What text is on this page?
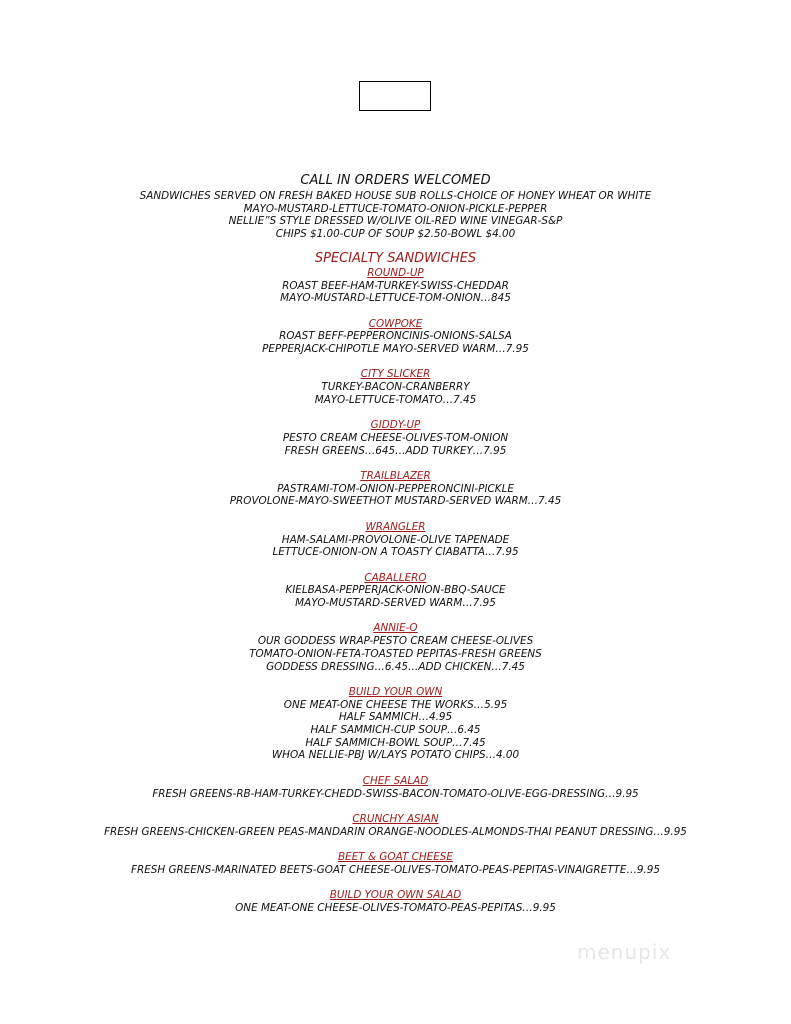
CALL IN ORDERS WELCOMED
SANDWICHES SERVED ON FRESH BAKED HOUSE SUB ROLLS-CHOICE OF HONEY WHEAT OR WHITE
MAYO-MUSTARD-LETTUCE-TOMATO-ONION-PICKLE-PEPPER
NELLIE”S STYLE DRESSED W/OLIVE OIL-RED WINE VINEGAR-S&P
CHIPS $1.00-CUP OF SOUP $2.50-BOWL $4.00
SPECIALTY SANDWICHES
ROUND-UP
ROAST BEEF-HAM-TURKEY-SWISS-CHEDDAR
MAYO-MUSTARD-LETTUCE-TOM-ONION…845
COWPOKE
ROAST BEFF-PEPPERONCINIS-ONIONS-SALSA
PEPPERJACK-CHIPOTLE MAYO-SERVED WARM…7.95
CITY SLICKER
TURKEY-BACON-CRANBERRY
MAYO-LETTUCE-TOMATO…7.45
GIDDY-UP
PESTO CREAM CHEESE-OLIVES-TOM-ONION
FRESH GREENS…645…ADD TURKEY…7.95
TRAILBLAZER
PASTRAMI-TOM-ONION-PEPPERONCINI-PICKLE
PROVOLONE-MAYO-SWEETHOT MUSTARD-SERVED WARM…7.45
WRANGLER
HAM-SALAMI-PROVOLONE-OLIVE TAPENADE
LETTUCE-ONION-ON A TOASTY CIABATTA…7.95
CABALLERO
KIELBASA-PEPPERJACK-ONION-BBQ-SAUCE
MAYO-MUSTARD-SERVED WARM…7.95
ANNIE-O
OUR GODDESS WRAP-PESTO CREAM CHEESE-OLIVES
TOMATO-ONION-FETA-TOASTED PEPITAS-FRESH GREENS
GODDESS DRESSING…6.45…ADD CHICKEN…7.45
BUILD YOUR OWN
ONE MEAT-ONE CHEESE THE WORKS…5.95
HALF SAMMICH…4.95
HALF SAMMICH-CUP SOUP…6.45
HALF SAMMICH-BOWL SOUP…7.45
WHOA NELLIE-PBJ W/LAYS POTATO CHIPS…4.00
CHEF SALAD
FRESH GREENS-RB-HAM-TURKEY-CHEDD-SWISS-BACON-TOMATO-OLIVE-EGG-DRESSING…9.95
CRUNCHY ASIAN
FRESH GREENS-CHICKEN-GREEN PEAS-MANDARIN ORANGE-NOODLES-ALMONDS-THAI PEANUT DRESSING…9.95
BEET & GOAT CHEESE
FRESH GREENS-MARINATED BEETS-GOAT CHEESE-OLIVES-TOMATO-PEAS-PEPITAS-VINAIGRETTE…9.95
BUILD YOUR OWN SALAD
ONE MEAT-ONE CHEESE-OLIVES-TOMATO-PEAS-PEPITAS…9.95
menupix
